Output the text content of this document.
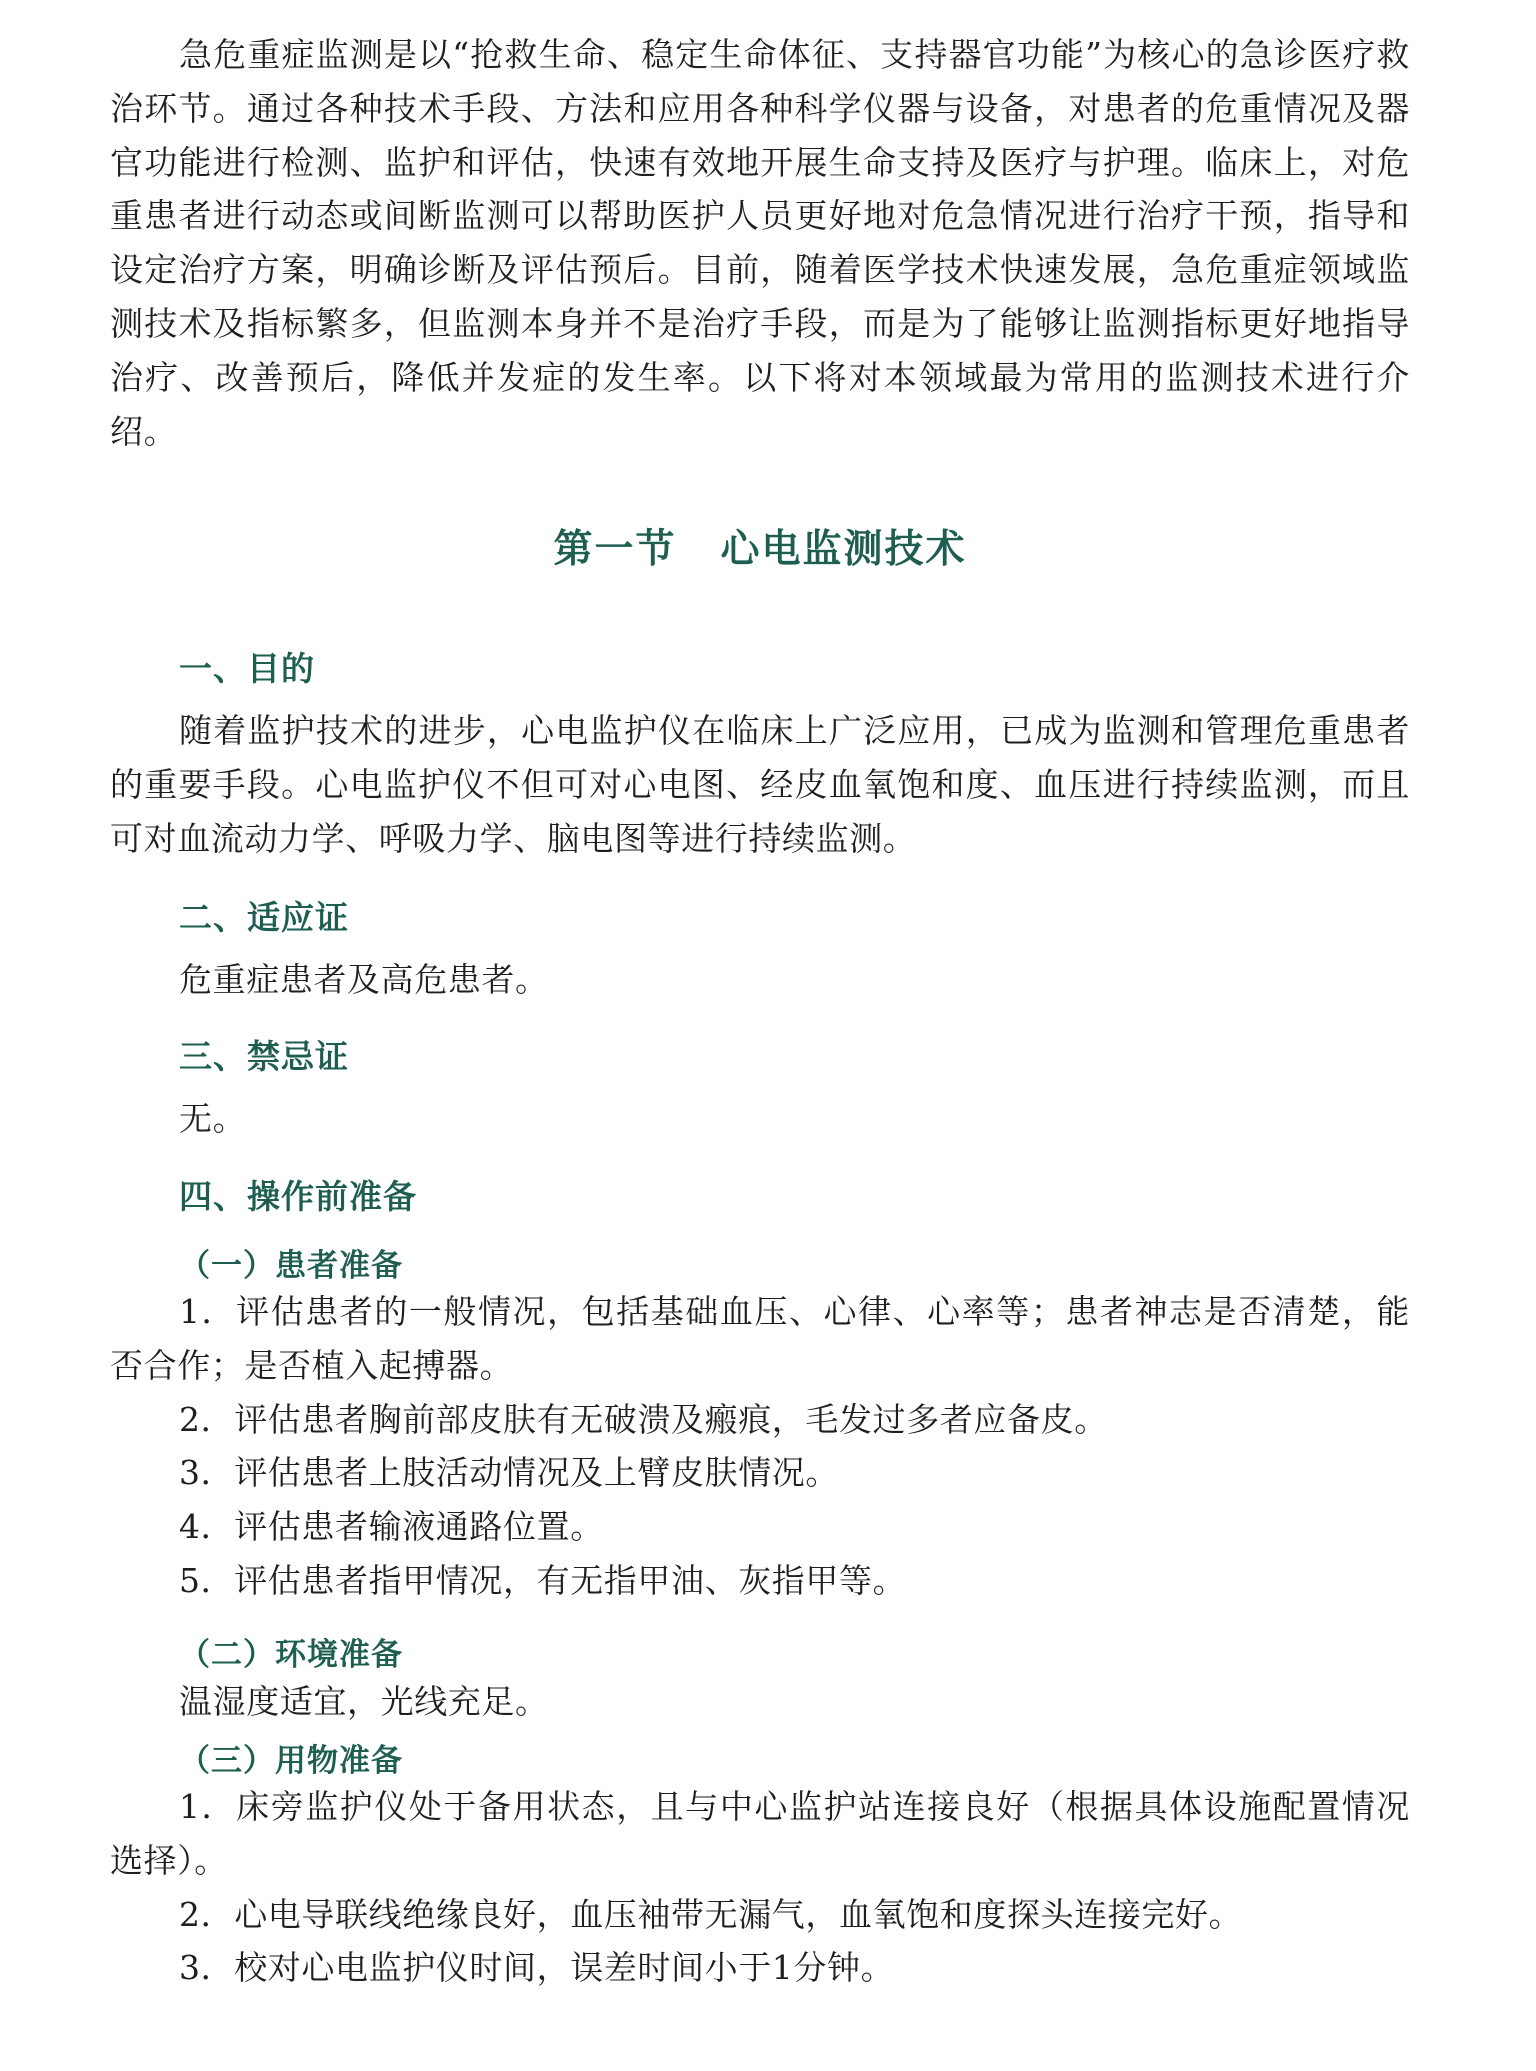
急危重症监测是以“抢救生命、稳定生命体征、支持器官功能”为核心的急诊医疗救治环节。通过各种技术手段、方法和应用各种科学仪器与设备，对患者的危重情况及器官功能进行检测、监护和评估，快速有效地开展生命支持及医疗与护理。临床上，对危重患者进行动态或间断监测可以帮助医护人员更好地对危急情况进行治疗干预，指导和设定治疗方案，明确诊断及评估预后。目前，随着医学技术快速发展，急危重症领域监测技术及指标繁多，但监测本身并不是治疗手段，而是为了能够让监测指标更好地指导治疗、改善预后，降低并发症的发生率。以下将对本领域最为常用的监测技术进行介绍。

第一节 心电监测技术
一、目的

随着监护技术的进步，心电监护仪在临床上广泛应用，已成为监测和管理危重患者的重要手段。心电监护仪不但可对心电图、经皮血氧饱和度、血压进行持续监测，而且可对血流动力学、呼吸力学、脑电图等进行持续监测。

二、适应证

危重症患者及高危患者。

三、禁忌证

无。

四、操作前准备
（一）患者准备

1．评估患者的一般情况，包括基础血压、心律、心率等；患者神志是否清楚，能否合作；是否植入起搏器。

2．评估患者胸前部皮肤有无破溃及瘢痕，毛发过多者应备皮。

3．评估患者上肢活动情况及上臂皮肤情况。

4．评估患者输液通路位置。

5．评估患者指甲情况，有无指甲油、灰指甲等。

（二）环境准备

温湿度适宜，光线充足。

（三）用物准备

1．床旁监护仪处于备用状态，且与中心监护站连接良好（根据具体设施配置情况选择）。

2．心电导联线绝缘良好，血压袖带无漏气，血氧饱和度探头连接完好。

3．校对心电监护仪时间，误差时间小于1分钟。
